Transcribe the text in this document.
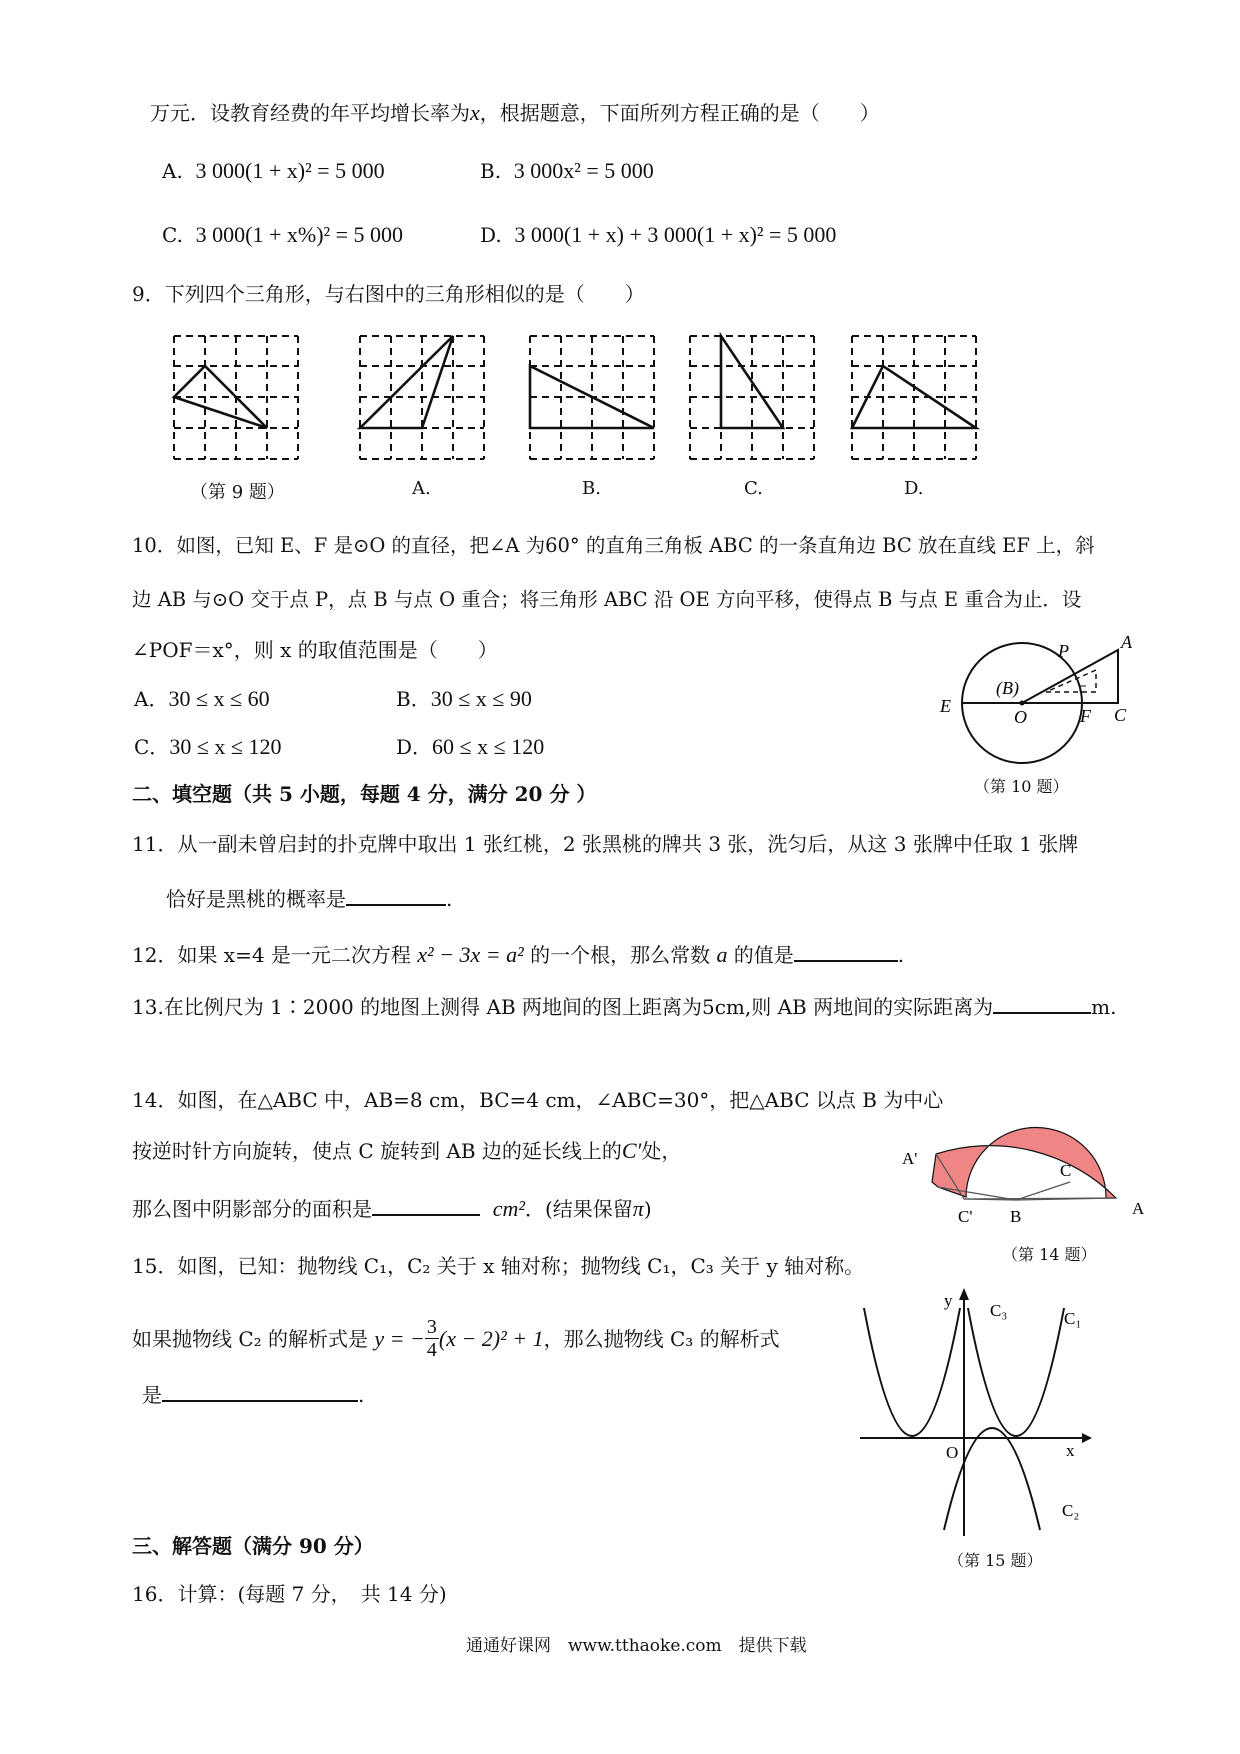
万元．设教育经费的年平均增长率为x，根据题意，下面所列方程正确的是（　　）
A. 3 000(1 + x)² = 5 000	B. 3 000x² = 5 000
C. 3 000(1 + x%)² = 5 000	D. 3 000(1 + x) + 3 000(1 + x)² = 5 000
9．下列四个三角形，与右图中的三角形相似的是（　　）
（第 9 题）	A.	B.	C.	D.
10．如图，已知 E、F 是⊙O 的直径，把∠A 为60° 的直角三角板 ABC 的一条直角边 BC 放在直线 EF 上，斜
边 AB 与⊙O 交于点 P，点 B 与点 O 重合；将三角形 ABC 沿 OE 方向平移，使得点 B 与点 E 重合为止．设
∠POF＝x°，则 x 的取值范围是（　　）
A．30 ≤ x ≤ 60	B．30 ≤ x ≤ 90
C．30 ≤ x ≤ 120	D．60 ≤ x ≤ 120
A
P
(B)
O
E	F C
（第 10 题）
二、填空题（共 5 小题，每题 4 分，满分 20 分 ）
11．从一副未曾启封的扑克牌中取出 1 张红桃，2 张黑桃的牌共 3 张，洗匀后，从这 3 张牌中任取 1 张牌
恰好是黑桃的概率是	.
12．如果 x=4 是一元二次方程 x² − 3x = a² 的一个根，那么常数 a 的值是	.
13.在比例尺为 1∶2000 的地图上测得 AB 两地间的图上距离为5cm,则 AB 两地间的实际距离为	m.
14．如图，在△ABC 中，AB=8 cm，BC=4 cm，∠ABC=30°，把△ABC 以点 B 为中心
按逆时针方向旋转，使点 C 旋转到 AB 边的延长线上的C′处，
那么图中阴影部分的面积是	cm²．(结果保留π)
A'
A
C
C' B
（第 14 题）
15．如图，已知：抛物线 C₁，C₂ 关于 x 轴对称；抛物线 C₁，C₃ 关于 y 轴对称。
如果抛物线 C₂ 的解析式是 y = − $\frac{3}{4} (x - 2)^2 + 1$，那么抛物线 C₃ 的解析式
是	.
y
x
O
C₁
C₃
C₂
（第 15 题）
三、解答题（满分 90 分）
16．计算：(每题 7 分，　共 14 分)
通通好课网　www.tthaoke.com　提供下载
